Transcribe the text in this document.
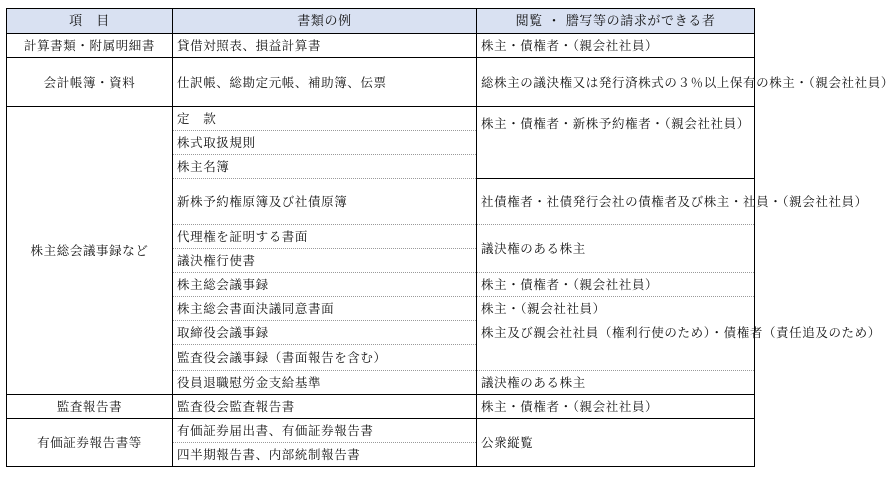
項　目	書類の例	閲覧 ・ 謄写等の請求ができる者
計算書類・附属明細書	貸借対照表、損益計算書	株主・債権者・（親会社社員）
会計帳簿・資料	仕訳帳、総勘定元帳、補助簿、伝票	総株主の議決権又は発行済株式の３％以上保有の株主・（親会社社員）
株主総会議事録など	定　款	株主・債権者・新株予約権者・（親会社社員）
	株式取扱規則	
	株主名簿	
	新株予約権原簿及び社債原簿	社債権者・社債発行会社の債権者及び株主・社員・（親会社社員）
	代理権を証明する書面	議決権のある株主
	議決権行使書	
	株主総会議事録	株主・債権者・（親会社社員）
	株主総会書面決議同意書面	株主・（親会社社員）
	取締役会議事録	株主及び親会社社員（権利行使のため）・債権者（責任追及のため）
	監査役会議事録（書面報告を含む）	
	役員退職慰労金支給基準	議決権のある株主
監査報告書	監査役会監査報告書	株主・債権者・（親会社社員）
有価証券報告書等	有価証券届出書、有価証券報告書	公衆縦覧
	四半期報告書、内部統制報告書	
